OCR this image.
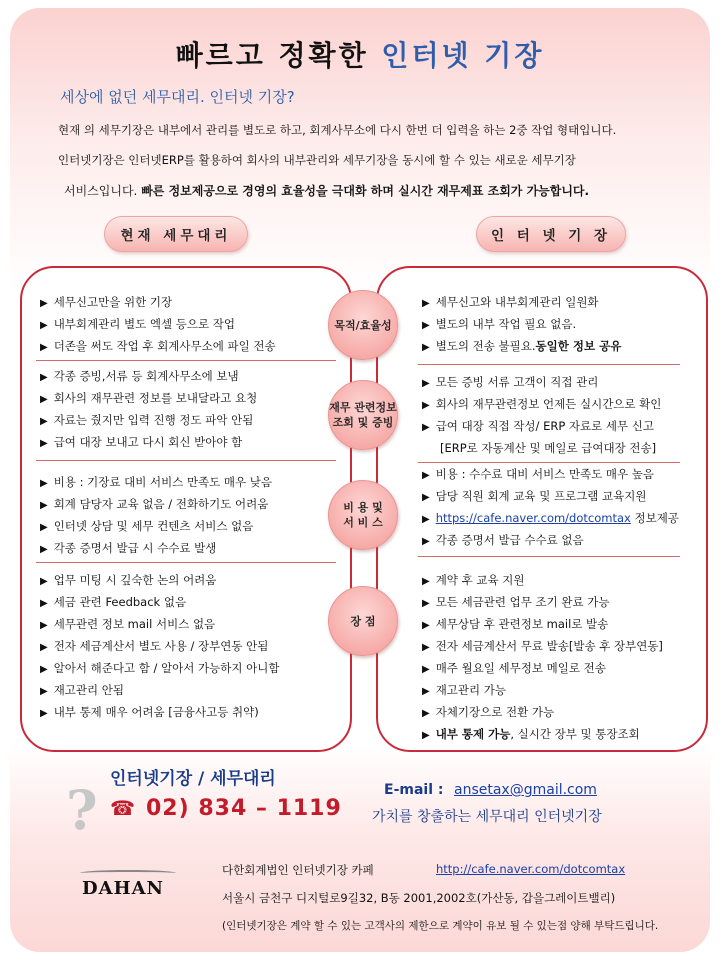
빠르고 정확한 인터넷 기장
세상에 없던 세무대리. 인터넷 기장?
현재 의 세무기장은 내부에서 관리를 별도로 하고, 회계사무소에 다시 한번 더 입력을 하는 2중 작업 형태입니다.
인터넷기장은 인터넷ERP를 활용하여 회사의 내부관리와 세무기장을 동시에 할 수 있는 새로운 세무기장
서비스입니다. 빠른 정보제공으로 경영의 효율성을 극대화 하며 실시간 재무제표 조회가 가능합니다.
현재 세무대리	인 터 넷 기 장
▶ 세무신고만을 위한 기장
▶ 내부회계관리 별도 엑셀 등으로 작업
▶ 더존을 써도 작업 후 회계사무소에 파일 전송
▶ 각종 증빙,서류 등 회계사무소에 보냄
▶ 회사의 재무관련 정보를 보내달라고 요청
▶ 자료는 줬지만 입력 진행 정도 파악 안됨
▶ 급여 대장 보내고 다시 회신 받아야 함
▶ 비용 : 기장료 대비 서비스 만족도 매우 낮음
▶ 회계 담당자 교육 없음 / 전화하기도 어려움
▶ 인터넷 상담 및 세무 컨텐츠 서비스 없음
▶ 각종 증명서 발급 시 수수료 발생
▶ 업무 미팅 시 깊숙한 논의 어려움
▶ 세금 관련 Feedback 없음
▶ 세무관련 정보 mail 서비스 없음
▶ 전자 세금계산서 별도 사용 / 장부연동 안됨
▶ 알아서 해준다고 함 / 알아서 가능하지 아니함
▶ 재고관리 안됨
▶ 내부 통제 매우 어려움 [금융사고등 취약)
▶ 세무신고와 내부회계관리 일원화
▶ 별도의 내부 작업 필요 없음.
▶ 별도의 전송 불필요.동일한 정보 공유
▶ 모든 증빙 서류 고객이 직접 관리
▶ 회사의 재무관련정보 언제든 실시간으로 확인
▶ 급여 대장 직접 작성/ ERP 자료로 세무 신고
[ERP로 자동계산 및 메일로 급여대장 전송]
▶ 비용 : 수수료 대비 서비스 만족도 매우 높음
▶ 담당 직원 회계 교육 및 프로그램 교육지원
▶ https://cafe.naver.com/dotcomtax 정보제공
▶ 각종 증명서 발급 수수료 없음
▶ 계약 후 교육 지원
▶ 모든 세금관련 업무 조기 완료 가능
▶ 세무상담 후 관련정보 mail로 발송
▶ 전자 세금계산서 무료 발송[발송 후 장부연동]
▶ 매주 월요일 세무정보 메일로 전송
▶ 재고관리 가능
▶ 자체기장으로 전환 가능
▶ 내부 통제 가능, 실시간 장부 및 통장조회
목적/효율성
재무 관련정보
조회 및 증빙
비 용 및
서 비 스
장 점
? 인터넷기장 / 세무대리
☎ 02) 834 – 1119
E-mail : ansetax@gmail.com
가치를 창출하는 세무대리 인터넷기장
DAHAN
다한회계법인 인터넷기장 카페	http://cafe.naver.com/dotcomtax
서울시 금천구 디지털로9길32, B동 2001,2002호(가산동, 갑을그레이트밸리)
(인터넷기장은 계약 할 수 있는 고객사의 제한으로 계약이 유보 될 수 있는점 양해 부탁드립니다.
